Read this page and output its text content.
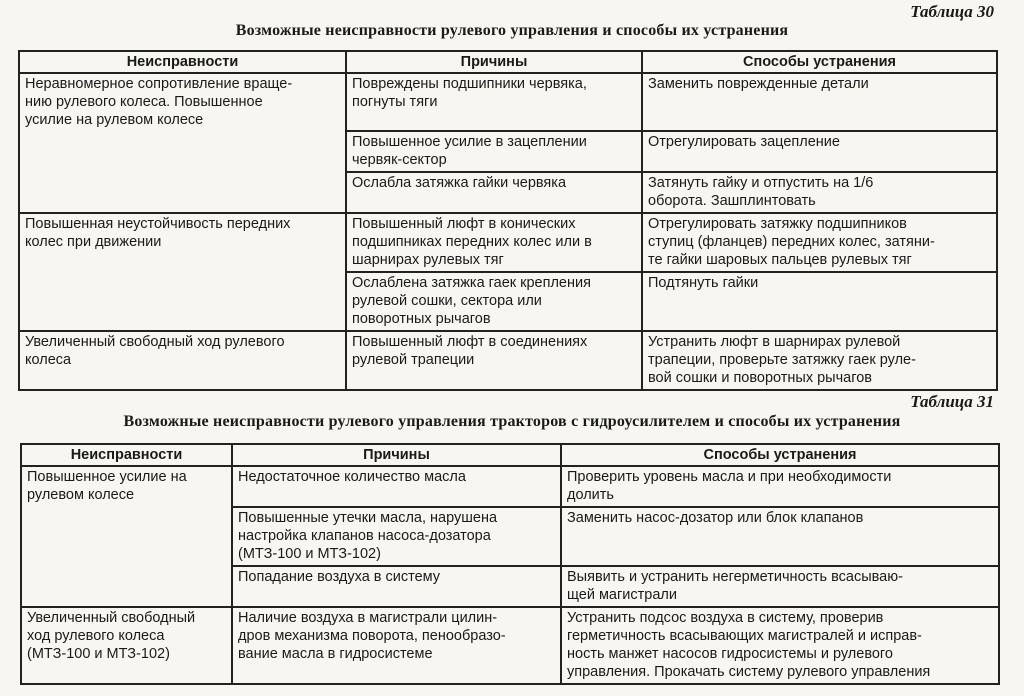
Таблица 30
Возможные неисправности рулевого управления и способы их устранения
Неисправности	Причины	Способы устранения

Неравномерное сопротивление враще-
нию рулевого колеса. Повышенное
усилие на рулевом колесе	Повреждены подшипники червяка,
погнуты тяги	Заменить поврежденные детали

	Повышенное усилие в зацеплении
червяк-сектор	Отрегулировать зацепление

	Ослабла затяжка гайки червяка	Затянуть гайку и отпустить на 1/6
оборота. Зашплинтовать

Повышенная неустойчивость передних
колес при движении	Повышенный люфт в конических
подшипниках передних колес или в
шарнирах рулевых тяг	Отрегулировать затяжку подшипников
ступиц (фланцев) передних колес, затяни-
те гайки шаровых пальцев рулевых тяг

	Ослаблена затяжка гаек крепления
рулевой сошки, сектора или
поворотных рычагов	Подтянуть гайки

Увеличенный свободный ход рулевого
колеса	Повышенный люфт в соединениях
рулевой трапеции	Устранить люфт в шарнирах рулевой
трапеции, проверьте затяжку гаек руле-
вой сошки и поворотных рычагов
Таблица 31
Возможные неисправности рулевого управления тракторов с гидроусилителем и способы их устранения
Неисправности	Причины	Способы устранения

Повышенное усилие на
рулевом колесе	Недостаточное количество масла	Проверить уровень масла и при необходимости
долить

	Повышенные утечки масла, нарушена
настройка клапанов насоса-дозатора
(МТЗ-100 и МТЗ-102)	Заменить насос-дозатор или блок клапанов

	Попадание воздуха в систему	Выявить и устранить негерметичность всасываю-
щей магистрали

Увеличенный свободный
ход рулевого колеса
(МТЗ-100 и МТЗ-102)	Наличие воздуха в магистрали цилин-
дров механизма поворота, пенообразо-
вание масла в гидросистеме	Устранить подсос воздуха в систему, проверив
герметичность всасывающих магистралей и исправ-
ность манжет насосов гидросистемы и рулевого
управления. Прокачать систему рулевого управления
